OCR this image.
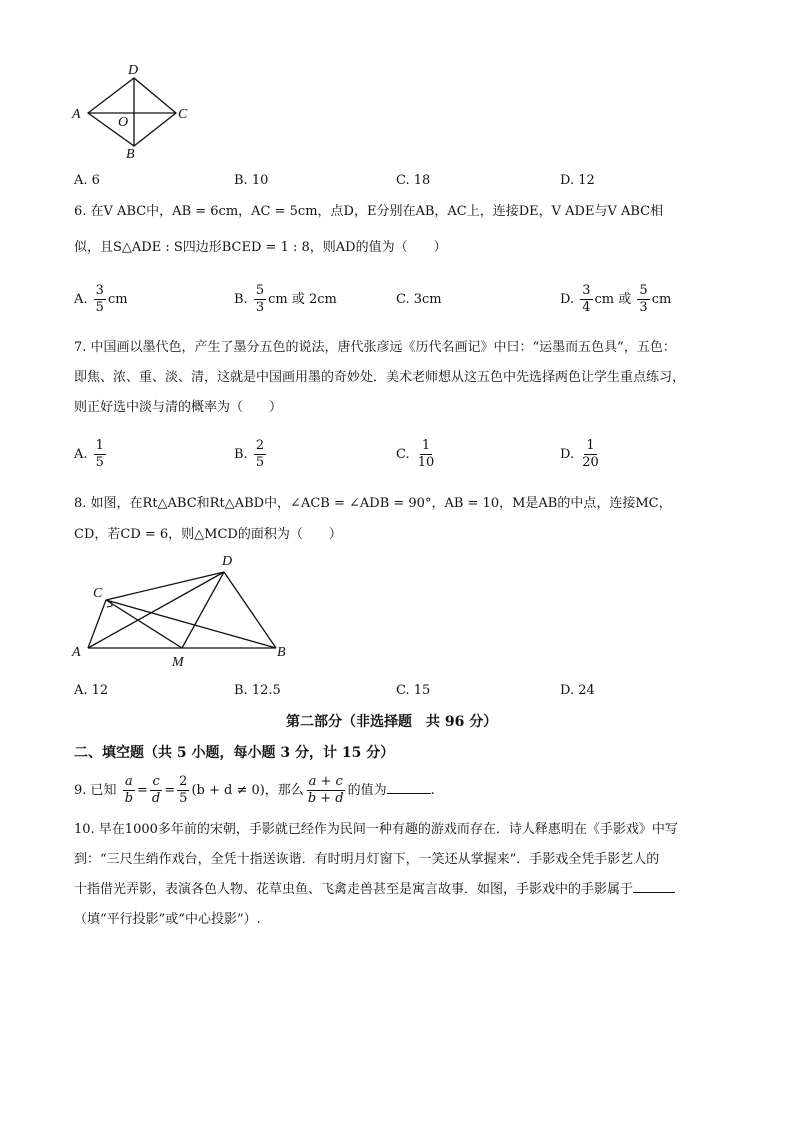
D
A	C
O
B
A. 6	B. 10	C. 18	D. 12
6. 在V ABC中，AB = 6cm，AC = 5cm，点D，E分别在AB，AC上，连接DE，V ADE与V ABC相
似，且S△ADE : S四边形BCED = 1 : 8，则AD的值为（　　）
A. $\frac{3}{5}$ cm	B. $\frac{5}{3}$ cm 或 2cm	C. 3cm	D. $\frac{3}{4}$ cm 或 $\frac{5}{3}$ cm
7. 中国画以墨代色，产生了墨分五色的说法，唐代张彦远《历代名画记》中曰：“运墨而五色具”，五色：
即焦、浓、重、淡、清，这就是中国画用墨的奇妙处．美术老师想从这五色中先选择两色让学生重点练习，
则正好选中淡与清的概率为（　　）
A. $\frac{1}{5}$	B. $\frac{2}{5}$	C. $\frac{1}{10}$	D. $\frac{1}{20}$
8. 如图，在Rt△ABC和Rt△ABD中，∠ACB = ∠ADB = 90°，AB = 10，M是AB的中点，连接MC，
CD，若CD = 6，则△MCD的面积为（　　）
D
C
A
M
B
A. 12	B. 12.5	C. 15	D. 24
第二部分（非选择题　共 96 分）
二、填空题（共 5 小题，每小题 3 分，计 15 分）
9. 已知 $\frac{a}{b} = \frac{c}{d} = \frac{2}{5} (b + d \ne 0)$，那么 $\frac{a + c}{b + d}$ 的值为	.
10. 早在1000多年前的宋朝，手影就已经作为民间一种有趣的游戏而存在．诗人释惠明在《手影戏》中写
到：“三尺生绡作戏台，全凭十指送诙谐．有时明月灯窗下，一笑还从掌握来”．手影戏全凭手影艺人的
十指借光弄影，表演各色人物、花草虫鱼、飞禽走兽甚至是寓言故事．如图，手影戏中的手影属于
（填“平行投影”或“中心投影”）.
